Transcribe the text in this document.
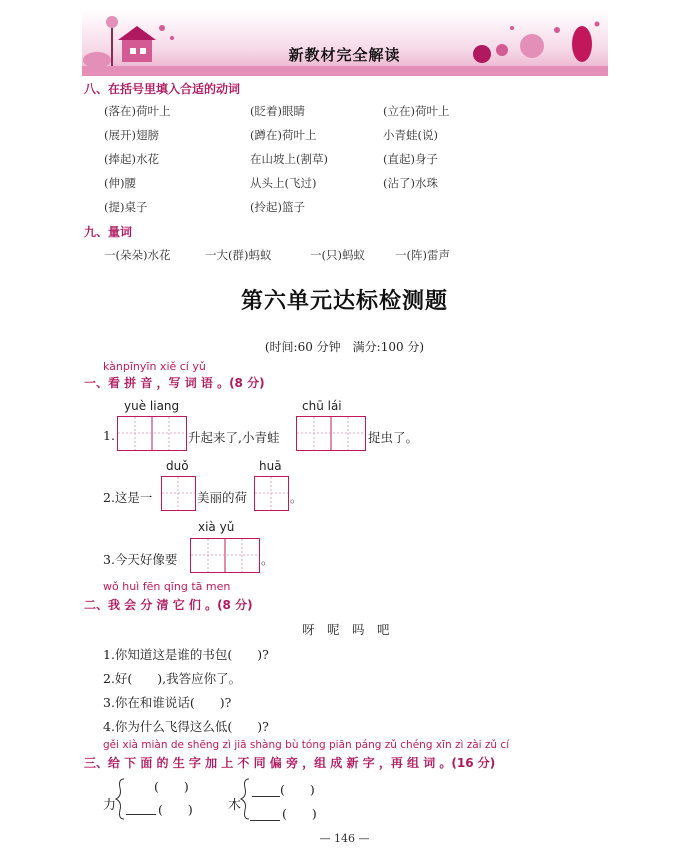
新教材完全解读
八、在括号里填入合适的动词
(落在)荷叶上	(眨着)眼睛	(立在)荷叶上
(展开)翅膀	(蹲在)荷叶上	小青蛙(说)
(捧起)水花	在山坡上(割草)	(直起)身子
(伸)腰	从头上(飞过)	(沾了)水珠
(提)桌子	(拎起)篮子
九、量词
一(朵朵)水花	一大(群)蚂蚁	一(只)蚂蚁	一(阵)雷声
第六单元达标检测题
(时间:60 分钟　满分:100 分)
kànpīnyīn xiě cí yǔ
一、看 拼 音 ，写 词 语 。(8 分)
yuè liang	chū lái
1.	升起来了,小青蛙	捉虫了。
duǒ	huā
2.这是一	美丽的荷	。
xià yǔ
3.今天好像要	。
wǒ huì fēn qīng tā men
二、我 会 分 清 它 们 。(8 分)
呀　呢　吗　吧
1.你知道这是谁的书包(　　)?
2.好(　　),我答应你了。
3.你在和谁说话(　　)?
4.你为什么飞得这么低(　　)?
gěi xià miàn de shēng zì jiā shàng bù tóng piān páng zǔ chéng xīn zì zài zǔ cí
三、给 下 面 的 生 字 加 上 不 同 偏 旁 ，组 成 新 字 ，再 组 词 。(16 分)
力
(　　)
(　　)	木
(　　)
(　　)
— 146 —
